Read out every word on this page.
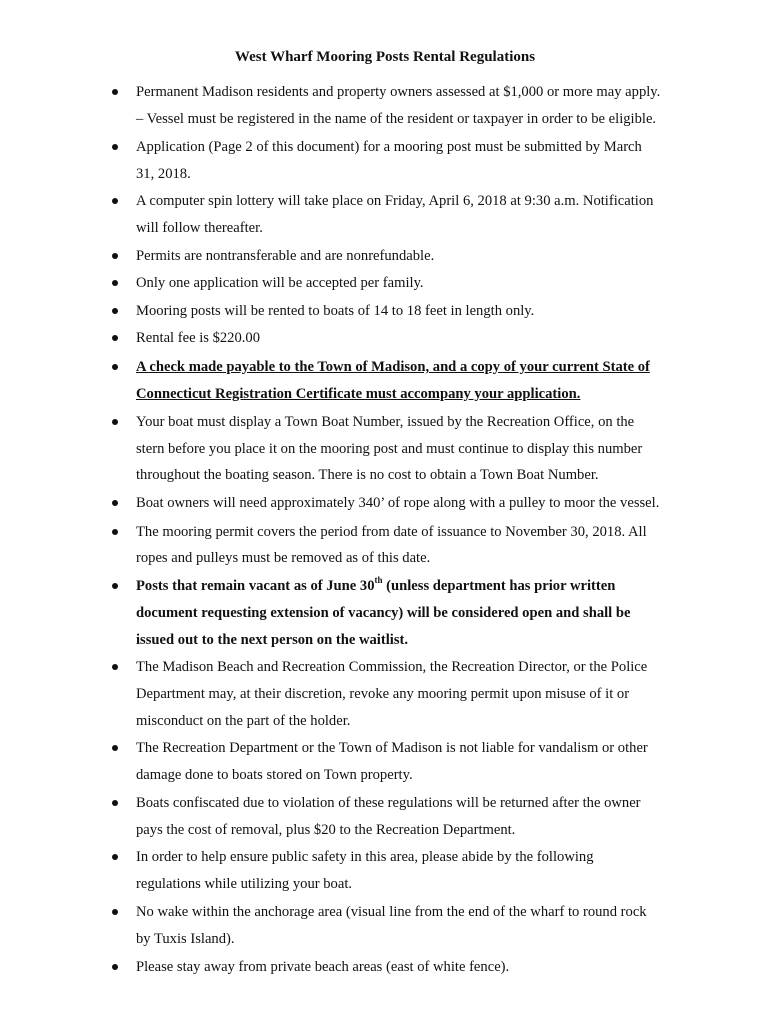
West Wharf Mooring Posts Rental Regulations
Permanent Madison residents and property owners assessed at $1,000 or more may apply.
– Vessel must be registered in the name of the resident or taxpayer in order to be eligible.
Application (Page 2 of this document) for a mooring post must be submitted by March
31, 2018.
A computer spin lottery will take place on Friday, April 6, 2018 at 9:30 a.m. Notification
will follow thereafter.
Permits are nontransferable and are nonrefundable.
Only one application will be accepted per family.
Mooring posts will be rented to boats of 14 to 18 feet in length only.
Rental fee is $220.00
A check made payable to the Town of Madison, and a copy of your current State of
Connecticut Registration Certificate must accompany your application.
Your boat must display a Town Boat Number, issued by the Recreation Office, on the
stern before you place it on the mooring post and must continue to display this number
throughout the boating season. There is no cost to obtain a Town Boat Number.
Boat owners will need approximately 340’ of rope along with a pulley to moor the vessel.
The mooring permit covers the period from date of issuance to November 30, 2018. All
ropes and pulleys must be removed as of this date.
Posts that remain vacant as of June 30th (unless department has prior written
document requesting extension of vacancy) will be considered open and shall be
issued out to the next person on the waitlist.
The Madison Beach and Recreation Commission, the Recreation Director, or the Police
Department may, at their discretion, revoke any mooring permit upon misuse of it or
misconduct on the part of the holder.
The Recreation Department or the Town of Madison is not liable for vandalism or other
damage done to boats stored on Town property.
Boats confiscated due to violation of these regulations will be returned after the owner
pays the cost of removal, plus $20 to the Recreation Department.
In order to help ensure public safety in this area, please abide by the following
regulations while utilizing your boat.
No wake within the anchorage area (visual line from the end of the wharf to round rock
by Tuxis Island).
Please stay away from private beach areas (east of white fence).
